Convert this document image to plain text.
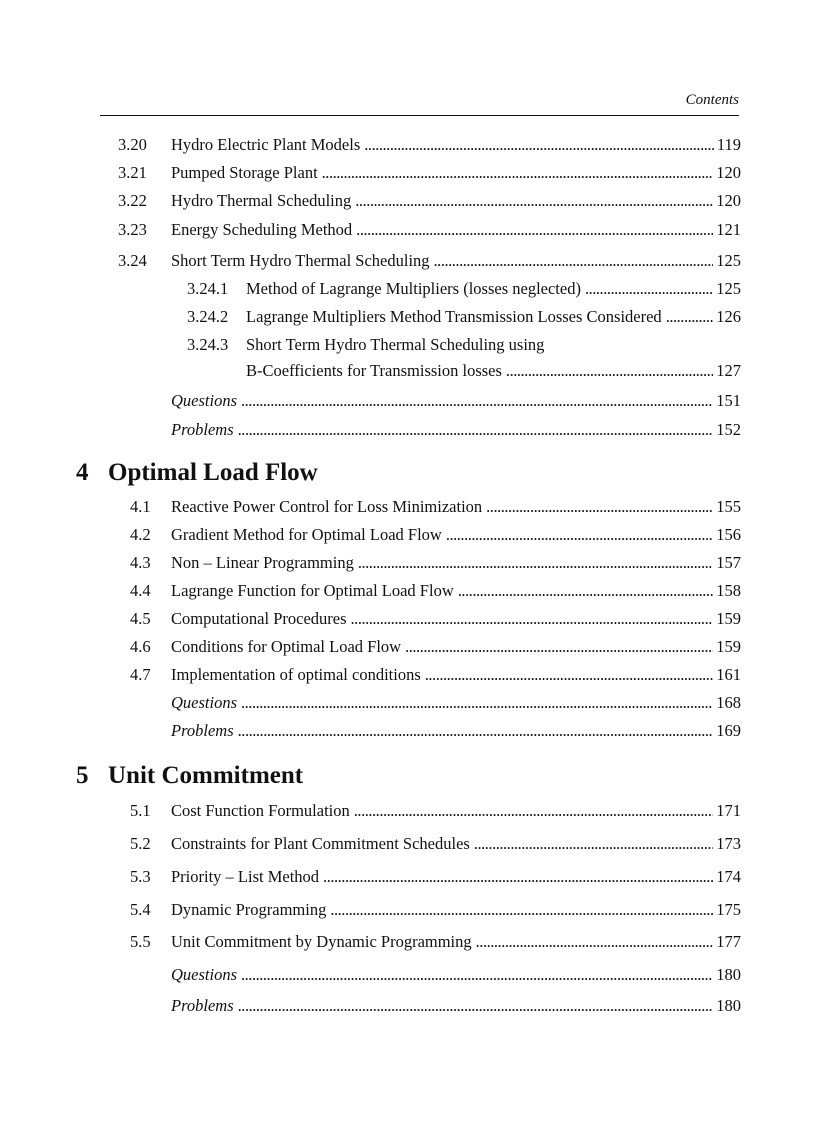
Contents
3.20 Hydro Electric Plant Models . . .	119
3.21 Pumped Storage Plant . . .	120
3.22 Hydro Thermal Scheduling . . .	120
3.23 Energy Scheduling Method . . .	121
3.24 Short Term Hydro Thermal Scheduling . . .	125
3.24.1 Method of Lagrange Multipliers (losses neglected) . . .	125
3.24.2 Lagrange Multipliers Method Transmission Losses Considered . . .	126
3.24.3 Short Term Hydro Thermal Scheduling using
B-Coefficients for Transmission losses . . .	127
Questions . . .	151
Problems . . .	152
4 Optimal Load Flow
4.1 Reactive Power Control for Loss Minimization . . .	155
4.2 Gradient Method for Optimal Load Flow . . .	156
4.3 Non – Linear Programming . . .	157
4.4 Lagrange Function for Optimal Load Flow . . .	158
4.5 Computational Procedures . . .	159
4.6 Conditions for Optimal Load Flow . . .	159
4.7 Implementation of optimal conditions . . .	161
Questions . . .	168
Problems . . .	169
5 Unit Commitment
5.1 Cost Function Formulation . . .	171
5.2 Constraints for Plant Commitment Schedules . . .	173
5.3 Priority – List Method . . .	174
5.4 Dynamic Programming . . .	175
5.5 Unit Commitment by Dynamic Programming . . .	177
Questions . . .	180
Problems . . .	180
